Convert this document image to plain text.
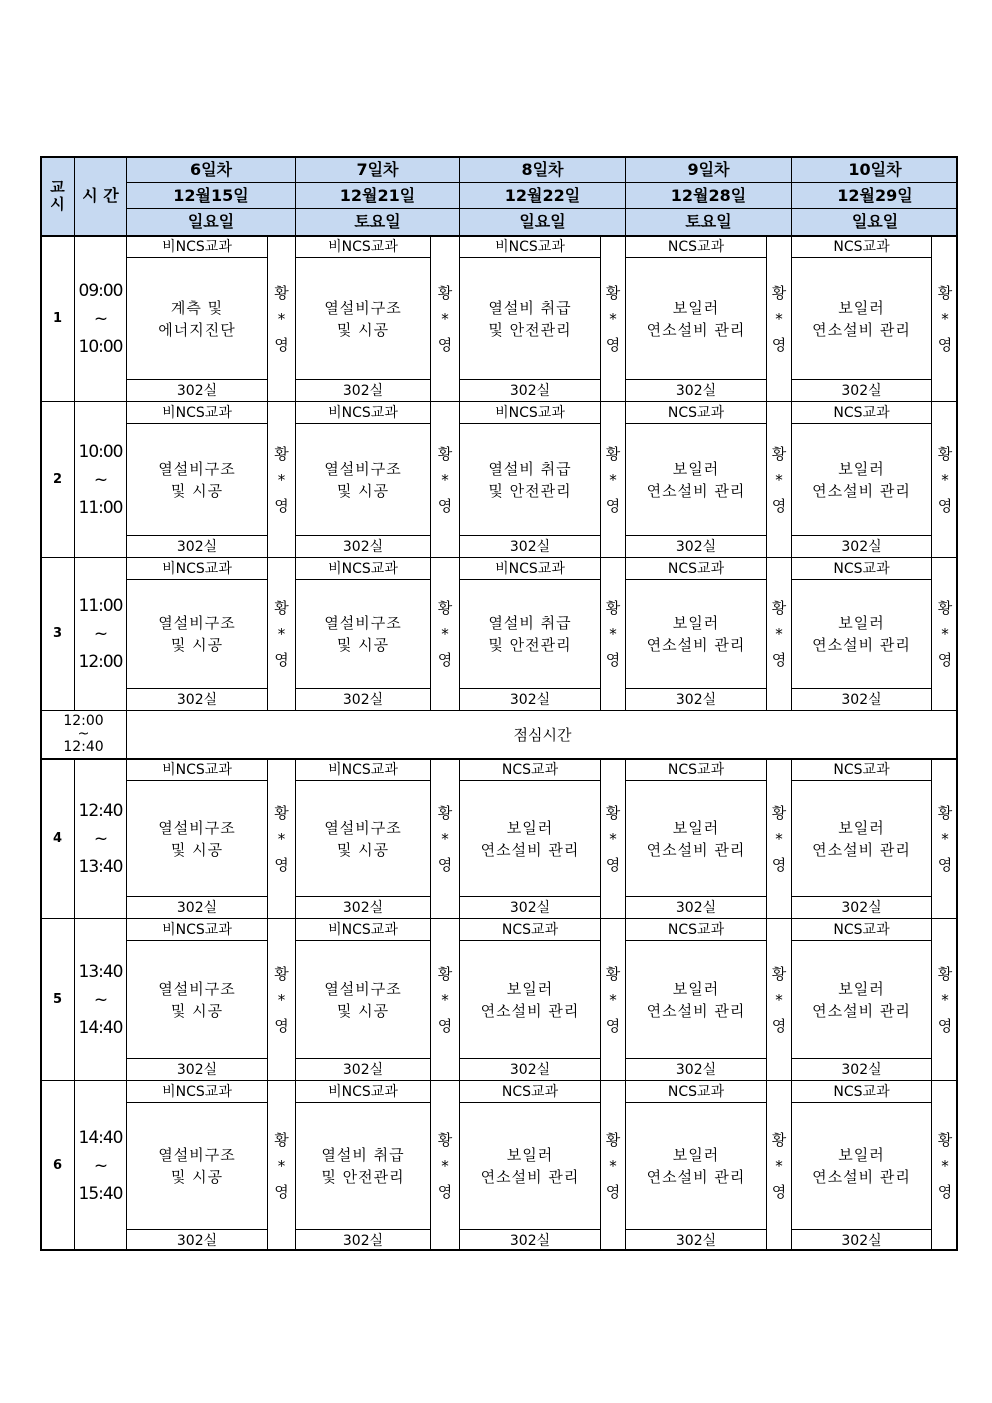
교
시	시 간
6일차
12월15일
일요일
7일차
12월21일
토요일
8일차
12월22일
일요일
9일차
12월28일
토요일
10일차
12월29일
일요일
1
09:00
~
10:00
비NCS교과
계측 및
에너지진단
302실
황
*
영
비NCS교과
열설비구조
및 시공
302실
황
*
영
비NCS교과
열설비 취급
및 안전관리
302실
황
*
영
NCS교과
보일러
연소설비 관리
302실
황
*
영
NCS교과
보일러
연소설비 관리
302실
황
*
영
2
10:00
~
11:00
비NCS교과
열설비구조
및 시공
302실
황
*
영
비NCS교과
열설비구조
및 시공
302실
황
*
영
비NCS교과
열설비 취급
및 안전관리
302실
황
*
영
NCS교과
보일러
연소설비 관리
302실
황
*
영
NCS교과
보일러
연소설비 관리
302실
황
*
영
3
11:00
~
12:00
비NCS교과
열설비구조
및 시공
302실
황
*
영
비NCS교과
열설비구조
및 시공
302실
황
*
영
비NCS교과
열설비 취급
및 안전관리
302실
황
*
영
NCS교과
보일러
연소설비 관리
302실
황
*
영
NCS교과
보일러
연소설비 관리
302실
황
*
영
4
12:40
~
13:40
비NCS교과
열설비구조
및 시공
302실
황
*
영
비NCS교과
열설비구조
및 시공
302실
황
*
영
NCS교과
보일러
연소설비 관리
302실
황
*
영
NCS교과
보일러
연소설비 관리
302실
황
*
영
NCS교과
보일러
연소설비 관리
302실
황
*
영
5
13:40
~
14:40
비NCS교과
열설비구조
및 시공
302실
황
*
영
비NCS교과
열설비구조
및 시공
302실
황
*
영
NCS교과
보일러
연소설비 관리
302실
황
*
영
NCS교과
보일러
연소설비 관리
302실
황
*
영
NCS교과
보일러
연소설비 관리
302실
황
*
영
6
14:40
~
15:40
비NCS교과
열설비구조
및 시공
302실
황
*
영
비NCS교과
열설비 취급
및 안전관리
302실
황
*
영
NCS교과
보일러
연소설비 관리
302실
황
*
영
NCS교과
보일러
연소설비 관리
302실
황
*
영
NCS교과
보일러
연소설비 관리
302실
황
*
영
12:00
~
12:40
점심시간
